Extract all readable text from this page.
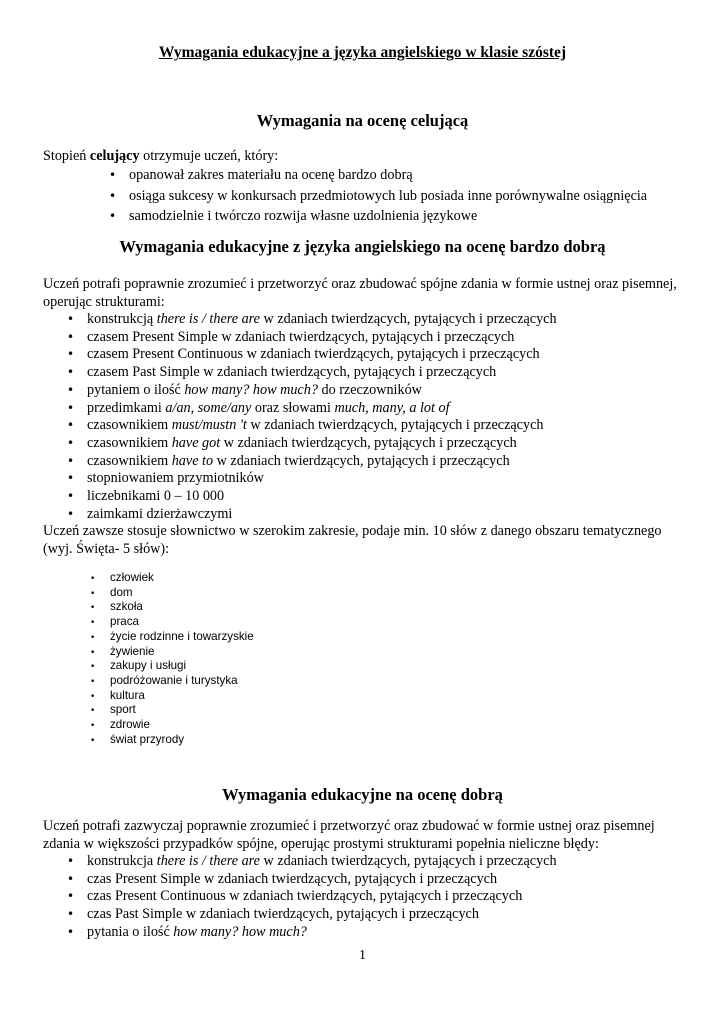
Wymagania edukacyjne a języka angielskiego w klasie szóstej
Wymagania na ocenę celującą

Stopień celujący otrzymuje uczeń, który:

• opanował zakres materiału na ocenę bardzo dobrą
• osiąga sukcesy w konkursach przedmiotowych lub posiada inne porównywalne osiągnięcia
• samodzielnie i twórczo rozwija własne uzdolnienia językowe
Wymagania edukacyjne z języka angielskiego na ocenę bardzo dobrą

Uczeń potrafi poprawnie zrozumieć i przetworzyć oraz zbudować spójne zdania w formie ustnej oraz pisemnej, operując strukturami:

• konstrukcją there is / there are w zdaniach twierdzących, pytających i przeczących
• czasem Present Simple w zdaniach twierdzących, pytających i przeczących
• czasem Present Continuous w zdaniach twierdzących, pytających i przeczących
• czasem Past Simple w zdaniach twierdzących, pytających i przeczących
• pytaniem o ilość how many? how much? do rzeczowników
• przedimkami a/an, some/any oraz słowami much, many, a lot of
• czasownikiem must/mustn 't w zdaniach twierdzących, pytających i przeczących
• czasownikiem have got w zdaniach twierdzących, pytających i przeczących
• czasownikiem have to w zdaniach twierdzących, pytających i przeczących
• stopniowaniem przymiotników
• liczebnikami 0 – 10 000
• zaimkami dzierżawczymi

Uczeń zawsze stosuje słownictwo w szerokim zakresie, podaje min. 10 słów z danego obszaru tematycznego (wyj. Święta- 5 słów):

• człowiek
• dom
• szkoła
• praca
• życie rodzinne i towarzyskie
• żywienie
• zakupy i usługi
• podróżowanie i turystyka
• kultura
• sport
• zdrowie
• świat przyrody
Wymagania edukacyjne na ocenę dobrą

Uczeń potrafi zazwyczaj poprawnie zrozumieć i przetworzyć oraz zbudować w formie ustnej oraz pisemnej zdania w większości przypadków spójne, operując prostymi strukturami popełnia nieliczne błędy:

• konstrukcja there is / there are w zdaniach twierdzących, pytających i przeczących
• czas Present Simple w zdaniach twierdzących, pytających i przeczących
• czas Present Continuous w zdaniach twierdzących, pytających i przeczących
• czas Past Simple w zdaniach twierdzących, pytających i przeczących
• pytania o ilość how many? how much?
1
